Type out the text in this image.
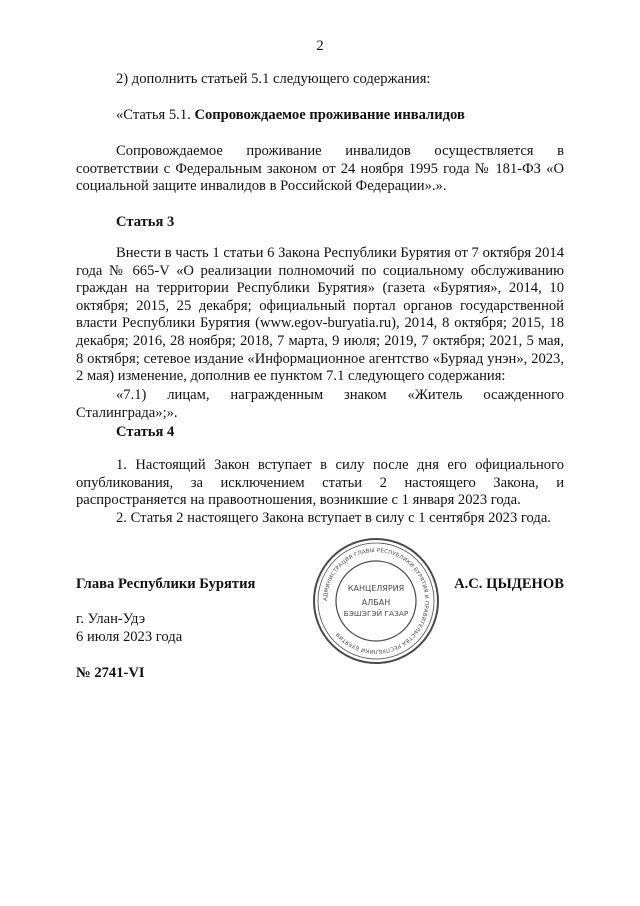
2

2) дополнить статьей 5.1 следующего содержания:

«Статья 5.1. Сопровождаемое проживание инвалидов

Сопровождаемое проживание инвалидов осуществляется в соответствии с Федеральным законом от 24 ноября 1995 года № 181-ФЗ «О социальной защите инвалидов в Российской Федерации».».

Статья 3

Внести в часть 1 статьи 6 Закона Республики Бурятия от 7 октября 2014 года № 665-V «О реализации полномочий по социальному обслуживанию граждан на территории Республики Бурятия» (газета «Бурятия», 2014, 10 октября; 2015, 25 декабря; официальный портал органов государственной власти Республики Бурятия (www.egov-buryatia.ru), 2014, 8 октября; 2015, 18 декабря; 2016, 28 ноября; 2018, 7 марта, 9 июля; 2019, 7 октября; 2021, 5 мая, 8 октября; сетевое издание «Информационное агентство «Буряад унэн», 2023, 2 мая) изменение, дополнив ее пунктом 7.1 следующего содержания:

«7.1) лицам, награжденным знаком «Житель осажденного Сталинграда»;».

Статья 4

1. Настоящий Закон вступает в силу после дня его официального опубликования, за исключением статьи 2 настоящего Закона, и распространяется на правоотношения, возникшие с 1 января 2023 года.

2. Статья 2 настоящего Закона вступает в силу с 1 сентября 2023 года.

АДМИНИСТРАЦИЯ ГЛАВЫ РЕСПУБЛИКИ БУРЯТИЯ И ПРАВИТЕЛЬСТВА РЕСПУБЛИКИ БУРЯТИЯ
КАНЦЕЛЯРИЯ
АЛБАН
БЭШЭГЭЙ ГАЗАР
Глава Республики Бурятия	А.С. ЦЫДЕНОВ
г. Улан-Удэ
6 июля 2023 года
№ 2741-VI
